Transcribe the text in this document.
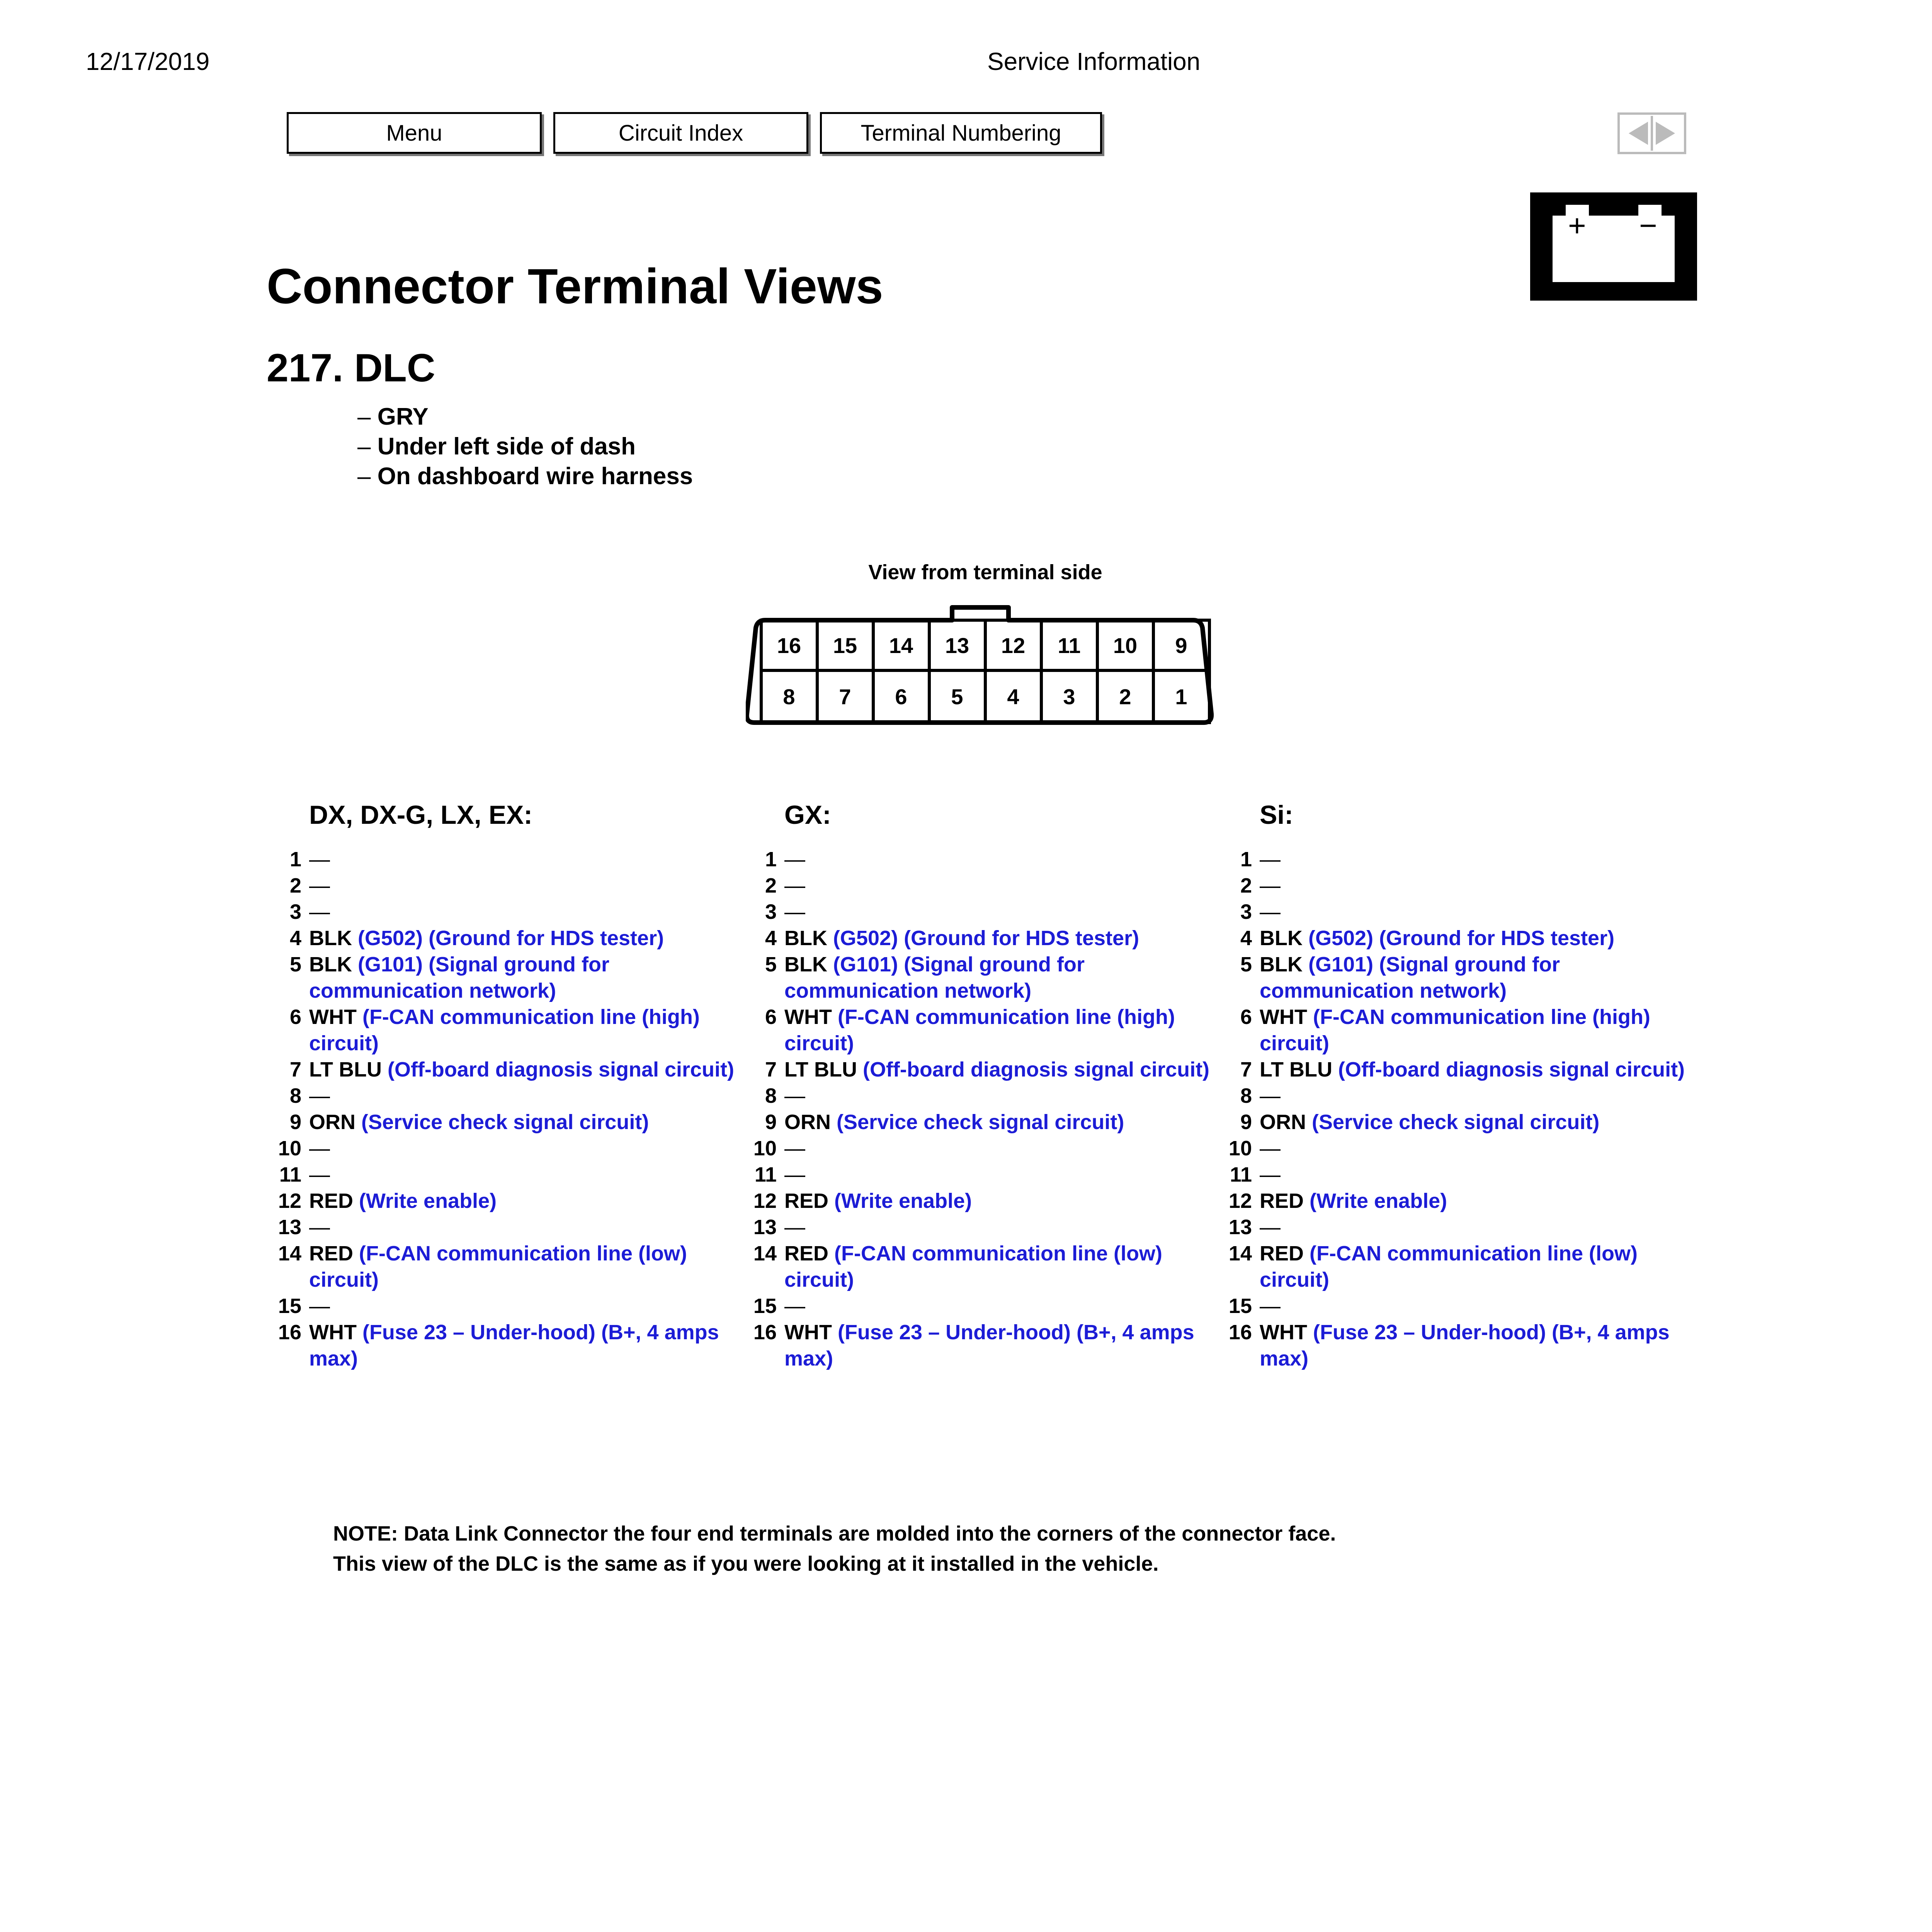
12/17/2019	Service Information
Menu	Circuit Index	Terminal Numbering
+ −
Connector Terminal Views
217. DLC
– GRY
– Under left side of dash
– On dashboard wire harness
View from terminal side
16 15 14 13 12 11 10 9
8 7 6 5 4 3 2 1
DX, DX-G, LX, EX:
1 —
2 —
3 —
4 BLK (G502) (Ground for HDS tester)
5 BLK (G101) (Signal ground for communication network)
6 WHT (F-CAN communication line (high) circuit)
7 LT BLU (Off-board diagnosis signal circuit)
8 —
9 ORN (Service check signal circuit)
10 —
11 —
12 RED (Write enable)
13 —
14 RED (F-CAN communication line (low) circuit)
15 —
16 WHT (Fuse 23 – Under-hood) (B+, 4 amps max)
GX:
1 —
2 —
3 —
4 BLK (G502) (Ground for HDS tester)
5 BLK (G101) (Signal ground for communication network)
6 WHT (F-CAN communication line (high) circuit)
7 LT BLU (Off-board diagnosis signal circuit)
8 —
9 ORN (Service check signal circuit)
10 —
11 —
12 RED (Write enable)
13 —
14 RED (F-CAN communication line (low) circuit)
15 —
16 WHT (Fuse 23 – Under-hood) (B+, 4 amps max)
Si:
1 —
2 —
3 —
4 BLK (G502) (Ground for HDS tester)
5 BLK (G101) (Signal ground for communication network)
6 WHT (F-CAN communication line (high) circuit)
7 LT BLU (Off-board diagnosis signal circuit)
8 —
9 ORN (Service check signal circuit)
10 —
11 —
12 RED (Write enable)
13 —
14 RED (F-CAN communication line (low) circuit)
15 —
16 WHT (Fuse 23 – Under-hood) (B+, 4 amps max)
NOTE: Data Link Connector the four end terminals are molded into the corners of the connector face.
This view of the DLC is the same as if you were looking at it installed in the vehicle.
